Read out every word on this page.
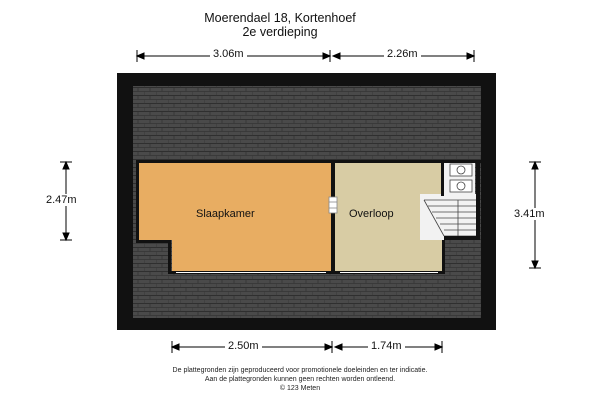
Moerendael 18, Kortenhoef
2e verdieping
3.06m	2.26m
2.47m
3.41m
2.50m	1.74m
Slaapkamer	Overloop
De plattegronden zijn geproduceerd voor promotionele doeleinden en ter indicatie.
Aan de plattegronden kunnen geen rechten worden ontleend.
© 123 Meten
